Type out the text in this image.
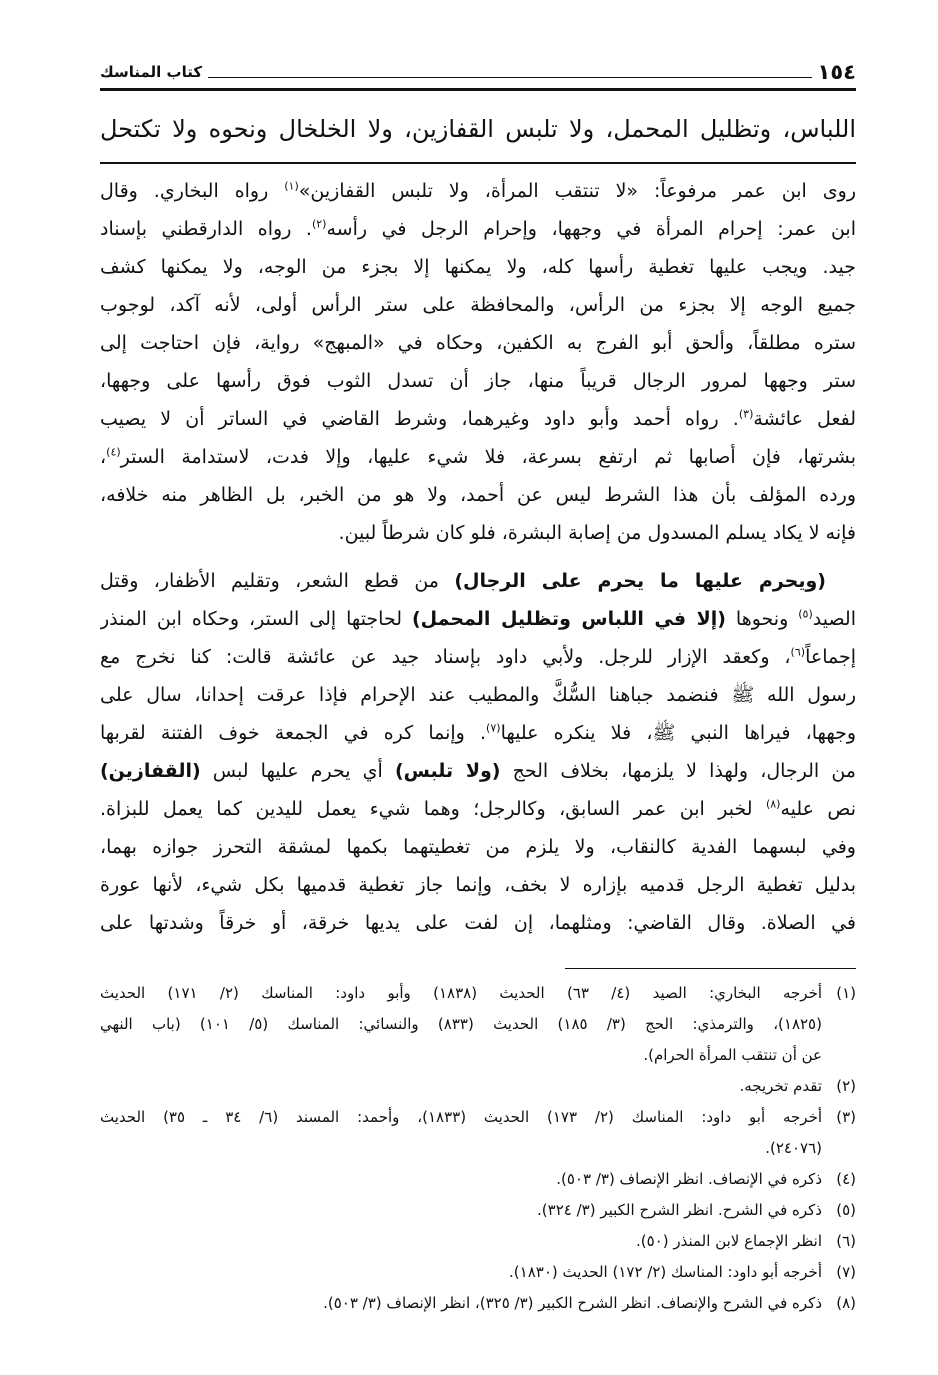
١٥٤
كتاب المناسك
اللباس، وتظليل المحمل، ولا تلبس القفازين، ولا الخلخال ونحوه ولا تكتحل
روى ابن عمر مرفوعاً: «لا تنتقب المرأة، ولا تلبس القفازين»$^{(١)}$ رواه البخاري. وقال
ابن عمر: إحرام المرأة في وجهها، وإحرام الرجل في رأسه$^{(٢)}$. رواه الدارقطني بإسناد
جيد. ويجب عليها تغطية رأسها كله، ولا يمكنها إلا بجزء من الوجه، ولا يمكنها كشف
جميع الوجه إلا بجزء من الرأس، والمحافظة على ستر الرأس أولى، لأنه آكد، لوجوب
ستره مطلقاً، وألحق أبو الفرج به الكفين، وحكاه في «المبهج» رواية، فإن احتاجت إلى
ستر وجهها لمرور الرجال قريباً منها، جاز أن تسدل الثوب فوق رأسها على وجهها،
لفعل عائشة$^{(٣)}$. رواه أحمد وأبو داود وغيرهما، وشرط القاضي في الساتر أن لا يصيب
بشرتها، فإن أصابها ثم ارتفع بسرعة، فلا شيء عليها، وإلا فدت، لاستدامة الستر$^{(٤)}$،
ورده المؤلف بأن هذا الشرط ليس عن أحمد، ولا هو من الخبر، بل الظاهر منه خلافه،
فإنه لا يكاد يسلم المسدول من إصابة البشرة، فلو كان شرطاً لبين.
(ويحرم عليها ما يحرم على الرجال) من قطع الشعر، وتقليم الأظفار، وقتل
الصيد$^{(٥)}$ ونحوها (إلا في اللباس وتظليل المحمل) لحاجتها إلى الستر، وحكاه ابن المنذر
إجماعاً$^{(٦)}$، وكعقد الإزار للرجل. ولأبي داود بإسناد جيد عن عائشة قالت: كنا نخرج مع
رسول الله ﷺ فنضمد جباهنا السُّكَّ والمطيب عند الإحرام فإذا عرقت إحدانا، سال على
وجهها، فيراها النبي ﷺ، فلا ينكره عليها$^{(٧)}$. وإنما كره في الجمعة خوف الفتنة لقربها
من الرجال، ولهذا لا يلزمها، بخلاف الحج (ولا تلبس) أي يحرم عليها لبس (القفازين)
نص عليه$^{(٨)}$ لخبر ابن عمر السابق، وكالرجل؛ وهما شيء يعمل لليدين كما يعمل للبزاة.
وفي لبسهما الفدية كالنقاب، ولا يلزم من تغطيتهما بكمها لمشقة التحرز جوازه بهما،
بدليل تغطية الرجل قدميه بإزاره لا بخف، وإنما جاز تغطية قدميها بكل شيء، لأنها عورة
في الصلاة. وقال القاضي: ومثلهما، إن لفت على يديها خرقة، أو خرقاً وشدتها على
(١)
أخرجه البخاري: الصيد (٤/ ٦٣) الحديث (١٨٣٨) وأبو داود: المناسك (٢/ ١٧١) الحديث
(١٨٢٥)، والترمذي: الحج (٣/ ١٨٥) الحديث (٨٣٣) والنسائي: المناسك (٥/ ١٠١) (باب النهي
عن أن تنتقب المرأة الحرام).
(٢)
تقدم تخريجه.
(٣)
أخرجه أبو داود: المناسك (٢/ ١٧٣) الحديث (١٨٣٣)، وأحمد: المسند (٦/ ٣٤ ـ ٣٥) الحديث
(٢٤٠٧٦).
(٤)
ذكره في الإنصاف. انظر الإنصاف (٣/ ٥٠٣).
(٥)
ذكره في الشرح. انظر الشرح الكبير (٣/ ٣٢٤).
(٦)
انظر الإجماع لابن المنذر (٥٠).
(٧)
أخرجه أبو داود: المناسك (٢/ ١٧٢) الحديث (١٨٣٠).
(٨)
ذكره في الشرح والإنصاف. انظر الشرح الكبير (٣/ ٣٢٥)، انظر الإنصاف (٣/ ٥٠٣).
